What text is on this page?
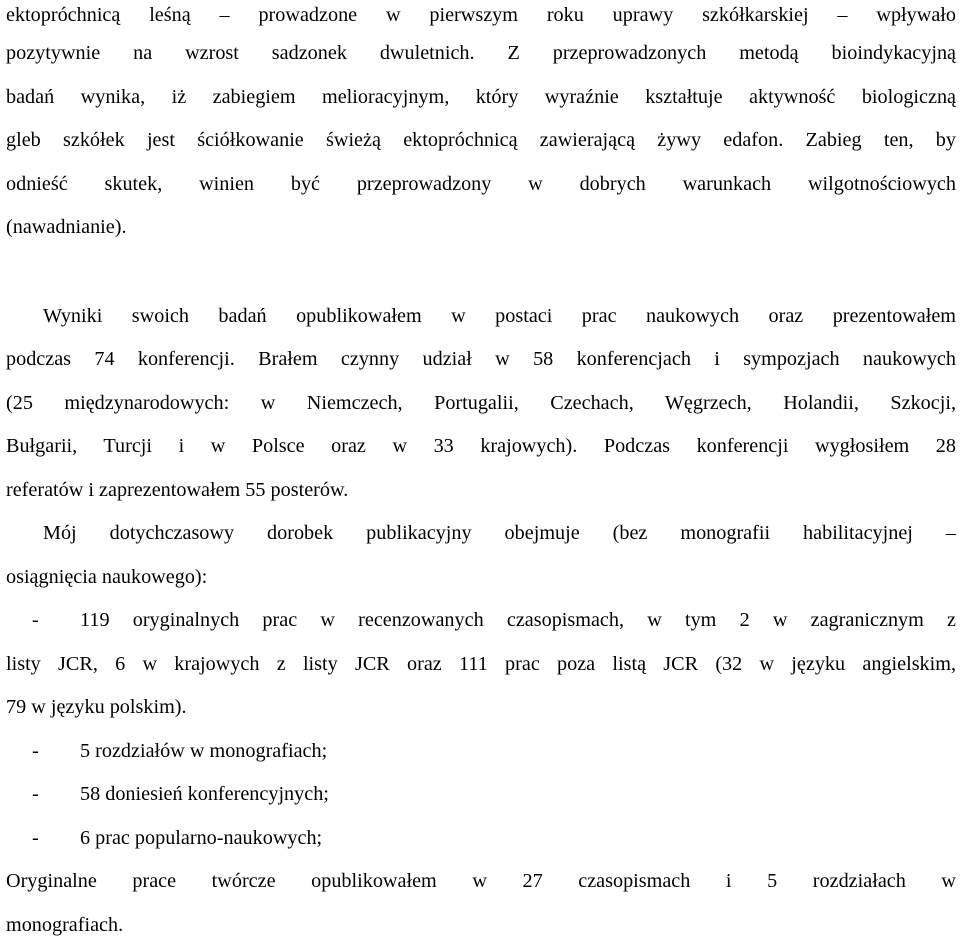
ektopróchnicą leśną – prowadzone w pierwszym roku uprawy szkółkarskiej – wpływało
pozytywnie na wzrost sadzonek dwuletnich. Z przeprowadzonych metodą bioindykacyjną
badań wynika, iż zabiegiem melioracyjnym, który wyraźnie kształtuje aktywność biologiczną
gleb szkółek jest ściółkowanie świeżą ektopróchnicą zawierającą żywy edafon. Zabieg ten, by
odnieść skutek, winien być przeprowadzony w dobrych warunkach wilgotnościowych
(nawadnianie).
Wyniki swoich badań opublikowałem w postaci prac naukowych oraz prezentowałem
podczas 74 konferencji. Brałem czynny udział w 58 konferencjach i sympozjach naukowych
(25 międzynarodowych: w Niemczech, Portugalii, Czechach, Węgrzech, Holandii, Szkocji,
Bułgarii, Turcji i w Polsce oraz w 33 krajowych). Podczas konferencji wygłosiłem 28
referatów i zaprezentowałem 55 posterów.
Mój dotychczasowy dorobek publikacyjny obejmuje (bez monografii habilitacyjnej –
osiągnięcia naukowego):
- 119 oryginalnych prac w recenzowanych czasopismach, w tym 2 w zagranicznym z
listy JCR, 6 w krajowych z listy JCR oraz 111 prac poza listą JCR (32 w języku angielskim,
79 w języku polskim).
- 5 rozdziałów w monografiach;
- 58 doniesień konferencyjnych;
- 6 prac popularno-naukowych;
Oryginalne prace twórcze opublikowałem w 27 czasopismach i 5 rozdziałach w
monografiach.
